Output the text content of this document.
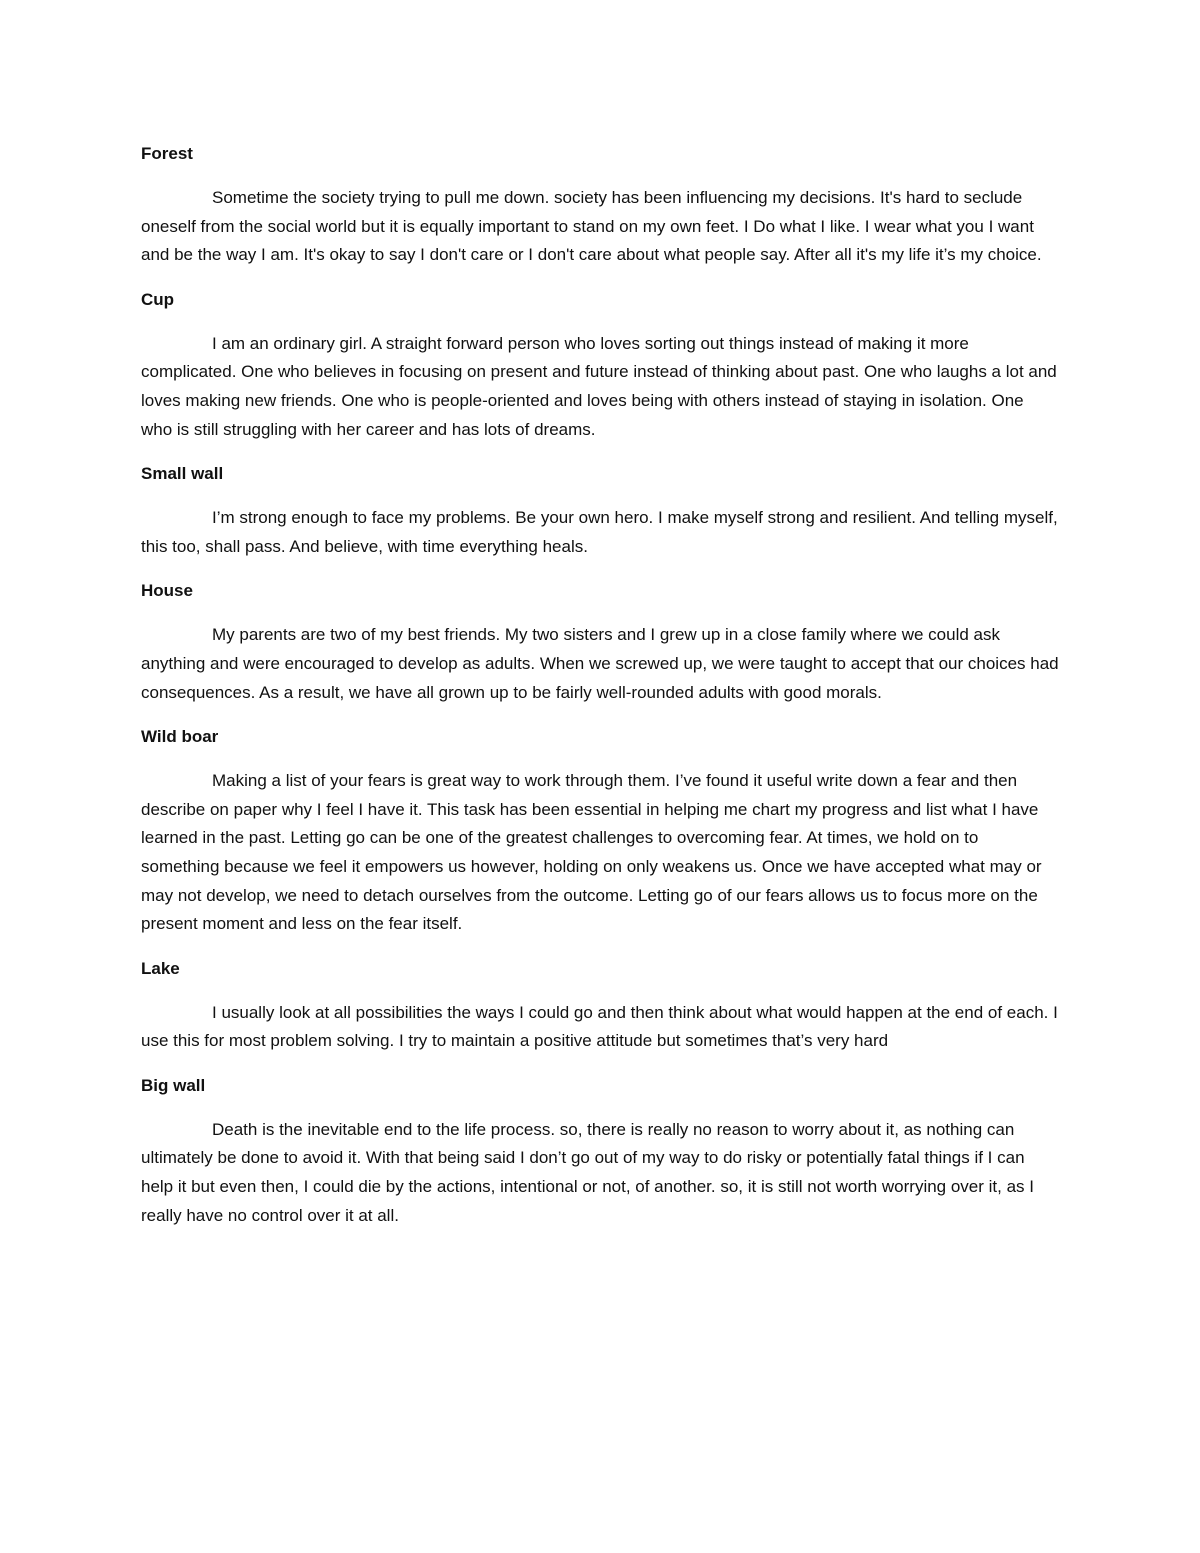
Forest

Sometime the society trying to pull me down. society has been influencing my decisions. It's hard to seclude oneself from the social world but it is equally important to stand on my own feet. I Do what I like. I wear what you I want and be the way I am. It's okay to say I don't care or I don't care about what people say. After all it's my life it’s my choice.

Cup

I am an ordinary girl. A straight forward person who loves sorting out things instead of making it more complicated. One who believes in focusing on present and future instead of thinking about past. One who laughs a lot and loves making new friends. One who is people-oriented and loves being with others instead of staying in isolation. One who is still struggling with her career and has lots of dreams.

Small wall

I’m strong enough to face my problems. Be your own hero. I make myself strong and resilient. And telling myself, this too, shall pass. And believe, with time everything heals.

House

My parents are two of my best friends. My two sisters and I grew up in a close family where we could ask anything and were encouraged to develop as adults. When we screwed up, we were taught to accept that our choices had consequences. As a result, we have all grown up to be fairly well-rounded adults with good morals.

Wild boar

Making a list of your fears is great way to work through them. I’ve found it useful write down a fear and then describe on paper why I feel I have it. This task has been essential in helping me chart my progress and list what I have learned in the past. Letting go can be one of the greatest challenges to overcoming fear. At times, we hold on to something because we feel it empowers us however, holding on only weakens us. Once we have accepted what may or may not develop, we need to detach ourselves from the outcome. Letting go of our fears allows us to focus more on the present moment and less on the fear itself.

Lake

I usually look at all possibilities the ways I could go and then think about what would happen at the end of each. I use this for most problem solving. I try to maintain a positive attitude but sometimes that’s very hard

Big wall

Death is the inevitable end to the life process. so, there is really no reason to worry about it, as nothing can ultimately be done to avoid it. With that being said I don’t go out of my way to do risky or potentially fatal things if I can help it but even then, I could die by the actions, intentional or not, of another. so, it is still not worth worrying over it, as I really have no control over it at all.
